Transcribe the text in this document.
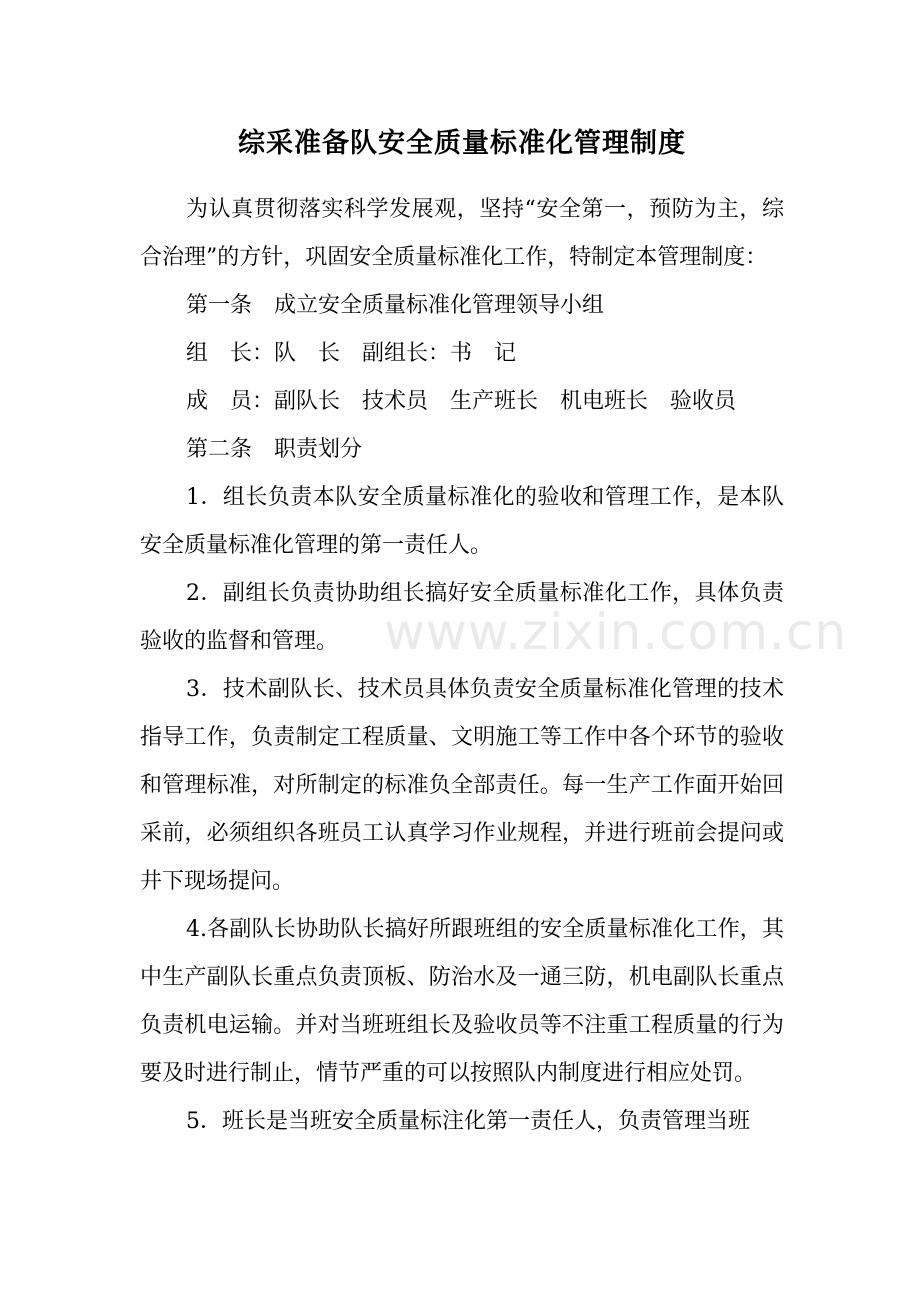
综采准备队安全质量标准化管理制度

为认真贯彻落实科学发展观，坚持“安全第一，预防为主，综合治理”的方针，巩固安全质量标准化工作，特制定本管理制度：

第一条　成立安全质量标准化管理领导小组

组　长：队　长　副组长：书　记

成　员：副队长　技术员　生产班长　机电班长　验收员

第二条　职责划分

1．组长负责本队安全质量标准化的验收和管理工作，是本队安全质量标准化管理的第一责任人。

2．副组长负责协助组长搞好安全质量标准化工作，具体负责验收的监督和管理。

3．技术副队长、技术员具体负责安全质量标准化管理的技术指导工作，负责制定工程质量、文明施工等工作中各个环节的验收和管理标准，对所制定的标准负全部责任。每一生产工作面开始回采前，必须组织各班员工认真学习作业规程，并进行班前会提问或井下现场提问。

4.各副队长协助队长搞好所跟班组的安全质量标准化工作，其中生产副队长重点负责顶板、防治水及一通三防，机电副队长重点负责机电运输。并对当班班组长及验收员等不注重工程质量的行为要及时进行制止，情节严重的可以按照队内制度进行相应处罚。

5．班长是当班安全质量标注化第一责任人，负责管理当班

www.zixin.com.cn
